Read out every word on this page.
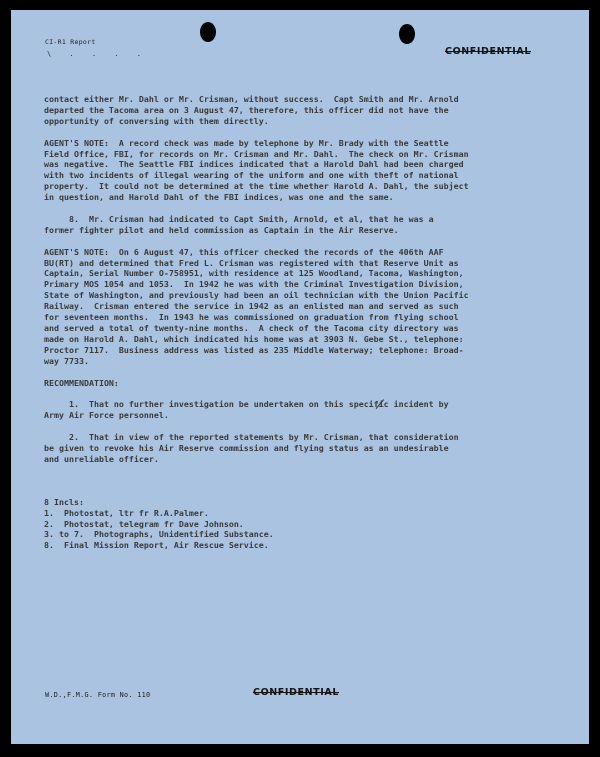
CI-R1 Report
\ . . . .	CONFIDENTIAL

contact either Mr. Dahl or Mr. Crisman, without success.  Capt Smith and Mr. Arnold
departed the Tacoma area on 3 August 47, therefore, this officer did not have the
opportunity of conversing with them directly.

AGENT'S NOTE:  A record check was made by telephone by Mr. Brady with the Seattle
Field Office, FBI, for records on Mr. Crisman and Mr. Dahl.  The check on Mr. Crisman
was negative.  The Seattle FBI indices indicated that a Harold Dahl had been charged
with two incidents of illegal wearing of the uniform and one with theft of national
property.  It could not be determined at the time whether Harold A. Dahl, the subject
in question, and Harold Dahl of the FBI indices, was one and the same.

8.  Mr. Crisman had indicated to Capt Smith, Arnold, et al, that he was a
former fighter pilot and held commission as Captain in the Air Reserve.

AGENT'S NOTE:  On 6 August 47, this officer checked the records of the 406th AAF
BU(RT) and determined that Fred L. Crisman was registered with that Reserve Unit as
Captain, Serial Number O-758951, with residence at 125 Woodland, Tacoma, Washington,
Primary MOS 1054 and 1053.  In 1942 he was with the Criminal Investigation Division,
State of Washington, and previously had been an oil technician with the Union Pacific
Railway.  Crisman entered the service in 1942 as an enlisted man and served as such
for seventeen months.  In 1943 he was commissioned on graduation from flying school
and served a total of twenty-nine months.  A check of the Tacoma city directory was
made on Harold A. Dahl, which indicated his home was at 3903 N. Gebe St., telephone:
Proctor 7117.  Business address was listed as 235 Middle Waterway; telephone: Broad-
way 7733.

RECOMMENDATION:

1.  That no further investigation be undertaken on this specific incident by
Army Air Force personnel.

2.  That in view of the reported statements by Mr. Crisman, that consideration
be given to revoke his Air Reserve commission and flying status as an undesirable
and unreliable officer.

8 Incls:

1.  Photostat, ltr fr R.A.Palmer.

2.  Photostat, telegram fr Dave Johnson.

3. to 7.  Photographs, Unidentified Substance.

8.  Final Mission Report, Air Rescue Service.

CONFIDENTIAL
W.D.,F.M.G. Form No. 110
